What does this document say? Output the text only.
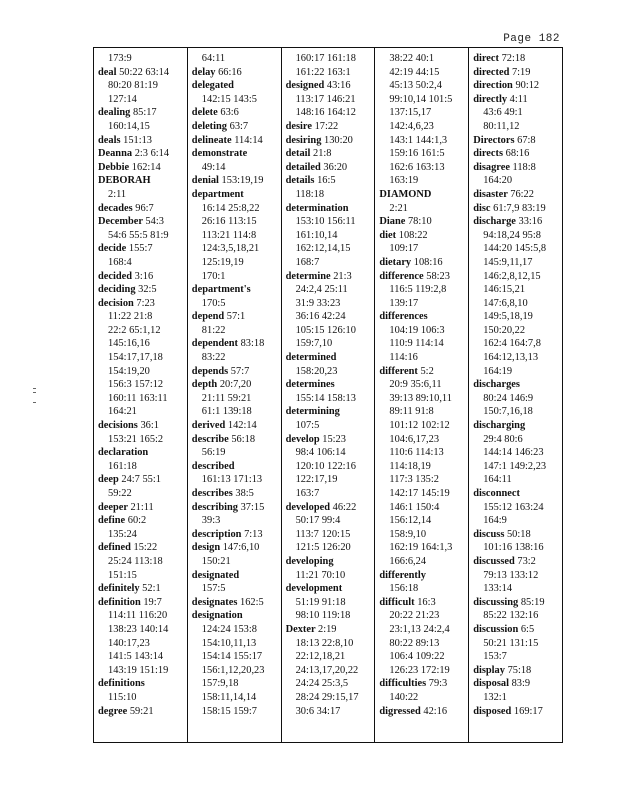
Page 182
173:9
deal 50:22 63:14
80:20 81:19
127:14
dealing 85:17
160:14,15
deals 151:13
Deanna 2:3 6:14
Debbie 162:14
DEBORAH
2:11
decades 96:7
December 54:3
54:6 55:5 81:9
decide 155:7
168:4
decided 3:16
deciding 32:5
decision 7:23
11:22 21:8
22:2 65:1,12
145:16,16
154:17,17,18
154:19,20
156:3 157:12
160:11 163:11
164:21
decisions 36:1
153:21 165:2
declaration
161:18
deep 24:7 55:1
59:22
deeper 21:11
define 60:2
135:24
defined 15:22
25:24 113:18
151:15
definitely 52:1
definition 19:7
114:11 116:20
138:23 140:14
140:17,23
141:5 143:14
143:19 151:19
definitions
115:10
degree 59:21
64:11
delay 66:16
delegated
142:15 143:5
delete 63:6
deleting 63:7
delineate 114:14
demonstrate
49:14
denial 153:19,19
department
16:14 25:8,22
26:16 113:15
113:21 114:8
124:3,5,18,21
125:19,19
170:1
department's
170:5
depend 57:1
81:22
dependent 83:18
83:22
depends 57:7
depth 20:7,20
21:11 59:21
61:1 139:18
derived 142:14
describe 56:18
56:19
described
161:13 171:13
describes 38:5
describing 37:15
39:3
description 7:13
design 147:6,10
150:21
designated
157:5
designates 162:5
designation
124:24 153:8
154:10,11,13
154:14 155:17
156:1,12,20,23
157:9,18
158:11,14,14
158:15 159:7
160:17 161:18
161:22 163:1
designed 43:16
113:17 146:21
148:16 164:12
desire 17:22
desiring 130:20
detail 21:8
detailed 36:20
details 16:5
118:18
determination
153:10 156:11
161:10,14
162:12,14,15
168:7
determine 21:3
24:2,4 25:11
31:9 33:23
36:16 42:24
105:15 126:10
159:7,10
determined
158:20,23
determines
155:14 158:13
determining
107:5
develop 15:23
98:4 106:14
120:10 122:16
122:17,19
163:7
developed 46:22
50:17 99:4
113:7 120:15
121:5 126:20
developing
11:21 70:10
development
51:19 91:18
98:10 119:18
Dexter 2:19
18:13 22:8,10
22:12,18,21
24:13,17,20,22
24:24 25:3,5
28:24 29:15,17
30:6 34:17
38:22 40:1
42:19 44:15
45:13 50:2,4
99:10,14 101:5
137:15,17
142:4,6,23
143:1 144:1,3
159:16 161:5
162:6 163:13
163:19
DIAMOND
2:21
Diane 78:10
diet 108:22
109:17
dietary 108:16
difference 58:23
116:5 119:2,8
139:17
differences
104:19 106:3
110:9 114:14
114:16
different 5:2
20:9 35:6,11
39:13 89:10,11
89:11 91:8
101:12 102:12
104:6,17,23
110:6 114:13
114:18,19
117:3 135:2
142:17 145:19
146:1 150:4
156:12,14
158:9,10
162:19 164:1,3
166:6,24
differently
156:18
difficult 16:3
20:22 21:23
23:1,13 24:2,4
80:22 89:13
106:4 109:22
126:23 172:19
difficulties 79:3
140:22
digressed 42:16
direct 72:18
directed 7:19
direction 90:12
directly 4:11
43:6 49:1
80:11,12
Directors 67:8
directs 68:16
disagree 118:8
164:20
disaster 76:22
disc 61:7,9 83:19
discharge 33:16
94:18,24 95:8
144:20 145:5,8
145:9,11,17
146:2,8,12,15
146:15,21
147:6,8,10
149:5,18,19
150:20,22
162:4 164:7,8
164:12,13,13
164:19
discharges
80:24 146:9
150:7,16,18
discharging
29:4 80:6
144:14 146:23
147:1 149:2,23
164:11
disconnect
155:12 163:24
164:9
discuss 50:18
101:16 138:16
discussed 73:2
79:13 133:12
133:14
discussing 85:19
85:22 132:16
discussion 6:5
50:21 131:15
153:7
display 75:18
disposal 83:9
132:1
disposed 169:17
